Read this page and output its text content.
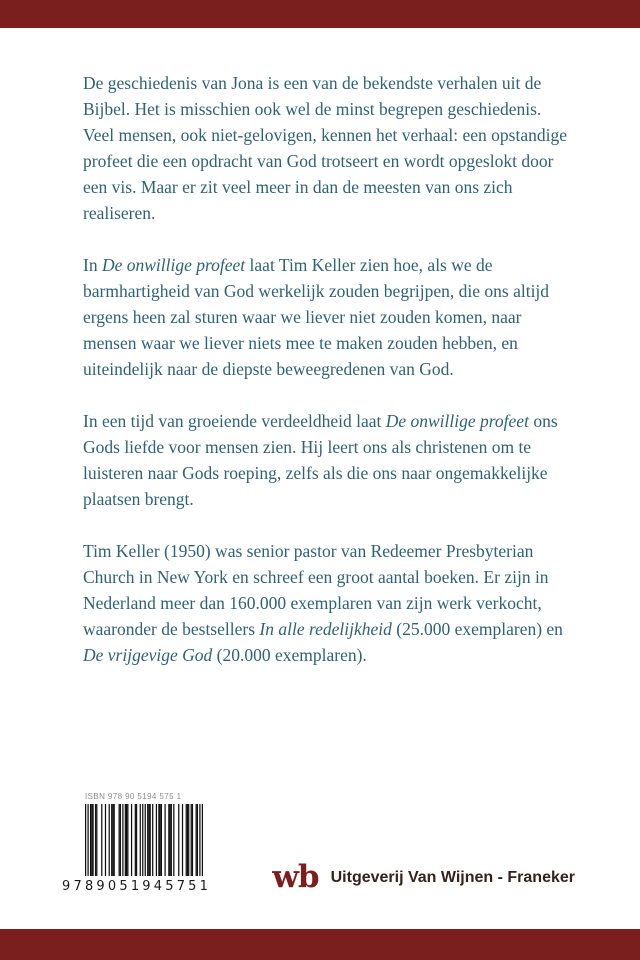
De geschiedenis van Jona is een van de bekendste verhalen uit de Bijbel. Het is misschien ook wel de minst begrepen geschiedenis. Veel mensen, ook niet-gelovigen, kennen het verhaal: een opstandige profeet die een opdracht van God trotseert en wordt opgeslokt door een vis. Maar er zit veel meer in dan de meesten van ons zich realiseren.

In De onwillige profeet laat Tim Keller zien hoe, als we de barmhartigheid van God werkelijk zouden begrijpen, die ons altijd ergens heen zal sturen waar we liever niet zouden komen, naar mensen waar we liever niets mee te maken zouden hebben, en uiteindelijk naar de diepste beweegredenen van God.

In een tijd van groeiende verdeeldheid laat De onwillige profeet ons Gods liefde voor mensen zien. Hij leert ons als christenen om te luisteren naar Gods roeping, zelfs als die ons naar ongemakkelijke plaatsen brengt.

Tim Keller (1950) was senior pastor van Redeemer Presbyterian Church in New York en schreef een groot aantal boeken. Er zijn in Nederland meer dan 160.000 exemplaren van zijn werk verkocht, waaronder de bestsellers In alle redelijkheid (25.000 exemplaren) en De vrijgevige God (20.000 exemplaren).

ISBN 978 90 5194 575 1
9 7 8 9 0 5 1 9 4 5 7 5 1 wb Uitgeverij Van Wijnen - Franeker
